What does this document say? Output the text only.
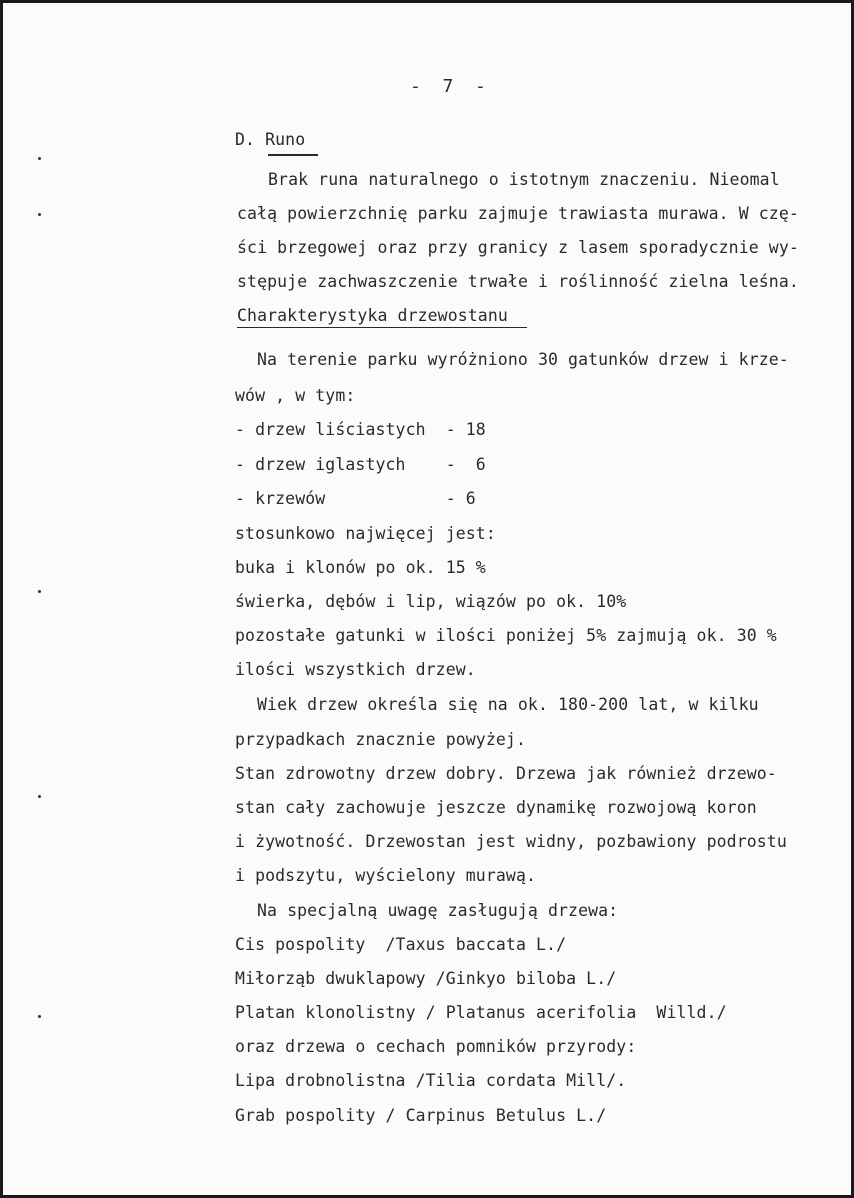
-  7  -
D. Runo
Brak runa naturalnego o istotnym znaczeniu. Nieomal
całą powierzchnię parku zajmuje trawiasta murawa. W czę-
ści brzegowej oraz przy granicy z lasem sporadycznie wy-
stępuje zachwaszczenie trwałe i roślinność zielna leśna.
Charakterystyka drzewostanu
Na terenie parku wyróżniono 30 gatunków drzew i krze-
wów , w tym:
- drzew liściastych  - 18
- drzew iglastych    -  6
- krzewów            - 6
stosunkowo najwięcej jest:
buka i klonów po ok. 15 %
świerka, dębów i lip, wiązów po ok. 10%
pozostałe gatunki w ilości poniżej 5% zajmują ok. 30 %
ilości wszystkich drzew.
Wiek drzew określa się na ok. 180-200 lat, w kilku
przypadkach znacznie powyżej.
Stan zdrowotny drzew dobry. Drzewa jak również drzewo-
stan cały zachowuje jeszcze dynamikę rozwojową koron
i żywotność. Drzewostan jest widny, pozbawiony podrostu
i podszytu, wyścielony murawą.
Na specjalną uwagę zasługują drzewa:
Cis pospolity  /Taxus baccata L./
Miłorząb dwuklapowy /Ginkyo biloba L./
Platan klonolistny / Platanus acerifolia  Willd./
oraz drzewa o cechach pomników przyrody:
Lipa drobnolistna /Tilia cordata Mill/.
Grab pospolity / Carpinus Betulus L./
